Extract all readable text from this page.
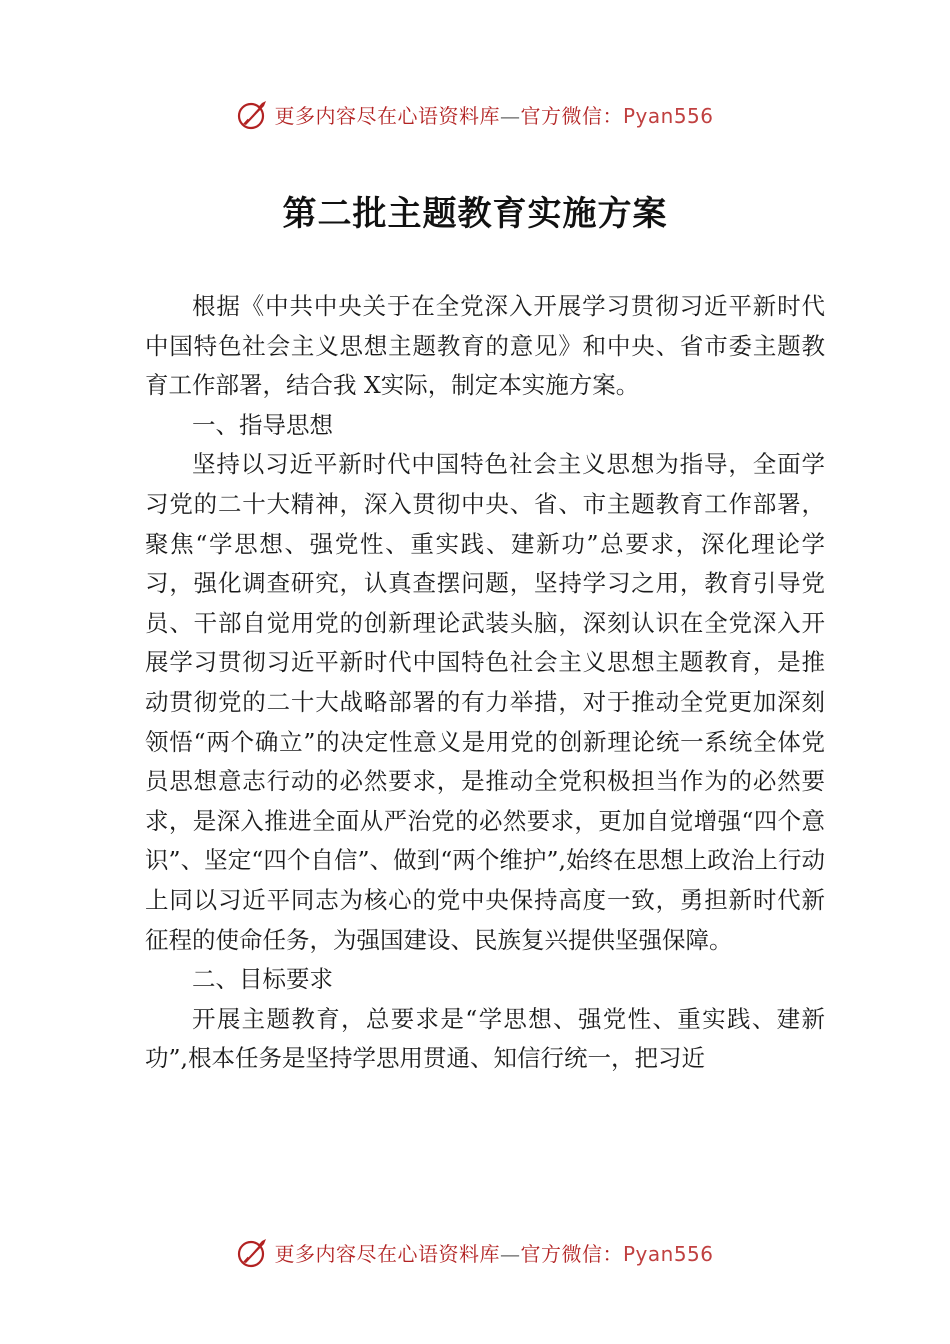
更多内容尽在心语资料库—官方微信：Pyan556
第二批主题教育实施方案

根据《中共中央关于在全党深入开展学习贯彻习近平新时代中国特色社会主义思想主题教育的意见》和中央、省市委主题教育工作部署，结合我 X实际，制定本实施方案。

一、指导思想

坚持以习近平新时代中国特色社会主义思想为指导，全面学习党的二十大精神，深入贯彻中央、省、市主题教育工作部署，聚焦“学思想、强党性、重实践、建新功”总要求，深化理论学习，强化调查研究，认真查摆问题，坚持学习之用，教育引导党员、干部自觉用党的创新理论武装头脑，深刻认识在全党深入开展学习贯彻习近平新时代中国特色社会主义思想主题教育，是推动贯彻党的二十大战略部署的有力举措，对于推动全党更加深刻领悟“两个确立”的决定性意义是用党的创新理论统一系统全体党员思想意志行动的必然要求，是推动全党积极担当作为的必然要求，是深入推进全面从严治党的必然要求，更加自觉增强“四个意识”、坚定“四个自信”、做到“两个维护”,始终在思想上政治上行动上同以习近平同志为核心的党中央保持高度一致，勇担新时代新征程的使命任务，为强国建设、民族复兴提供坚强保障。

二、目标要求

开展主题教育，总要求是“学思想、强党性、重实践、建新功”,根本任务是坚持学思用贯通、知信行统一，把习近

更多内容尽在心语资料库—官方微信：Pyan556
